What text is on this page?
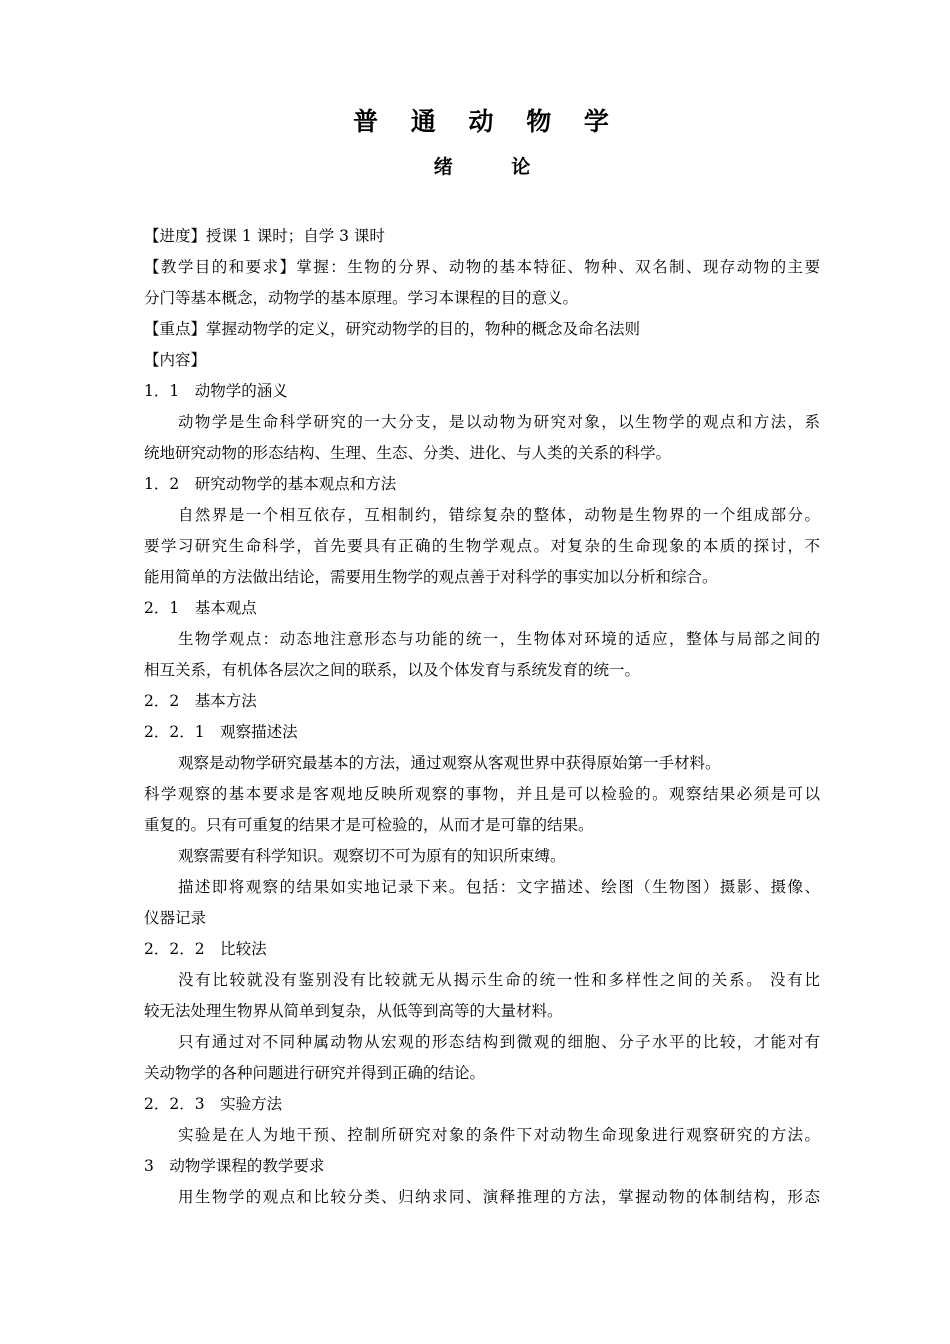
普 通 动 物 学
绪 论
【进度】授课 1 课时；自学 3 课时
【教学目的和要求】掌握：生物的分界、动物的基本特征、物种、双名制、现存动物的主要
分门等基本概念，动物学的基本原理。学习本课程的目的意义。
【重点】掌握动物学的定义，研究动物学的目的，物种的概念及命名法则
【内容】
1．1　动物学的涵义
动物学是生命科学研究的一大分支，是以动物为研究对象，以生物学的观点和方法，系
统地研究动物的形态结构、生理、生态、分类、进化、与人类的关系的科学。
1．2　研究动物学的基本观点和方法
自然界是一个相互依存，互相制约，错综复杂的整体，动物是生物界的一个组成部分。
要学习研究生命科学，首先要具有正确的生物学观点。对复杂的生命现象的本质的探讨，不
能用简单的方法做出结论，需要用生物学的观点善于对科学的事实加以分析和综合。
2．1　基本观点
生物学观点：动态地注意形态与功能的统一，生物体对环境的适应，整体与局部之间的
相互关系，有机体各层次之间的联系，以及个体发育与系统发育的统一。
2．2　基本方法
2．2．1　观察描述法
观察是动物学研究最基本的方法，通过观察从客观世界中获得原始第一手材料。
科学观察的基本要求是客观地反映所观察的事物，并且是可以检验的。观察结果必须是可以
重复的。只有可重复的结果才是可检验的，从而才是可靠的结果。
观察需要有科学知识。观察切不可为原有的知识所束缚。
描述即将观察的结果如实地记录下来。包括：文字描述、绘图（生物图）摄影、摄像、
仪器记录
2．2．2　比较法
没有比较就没有鉴别没有比较就无从揭示生命的统一性和多样性之间的关系。 没有比
较无法处理生物界从简单到复杂，从低等到高等的大量材料。
只有通过对不同种属动物从宏观的形态结构到微观的细胞、分子水平的比较，才能对有
关动物学的各种问题进行研究并得到正确的结论。
2．2．3　实验方法
实验是在人为地干预、控制所研究对象的条件下对动物生命现象进行观察研究的方法。
3　动物学课程的教学要求
用生物学的观点和比较分类、归纳求同、演释推理的方法，掌握动物的体制结构，形态
